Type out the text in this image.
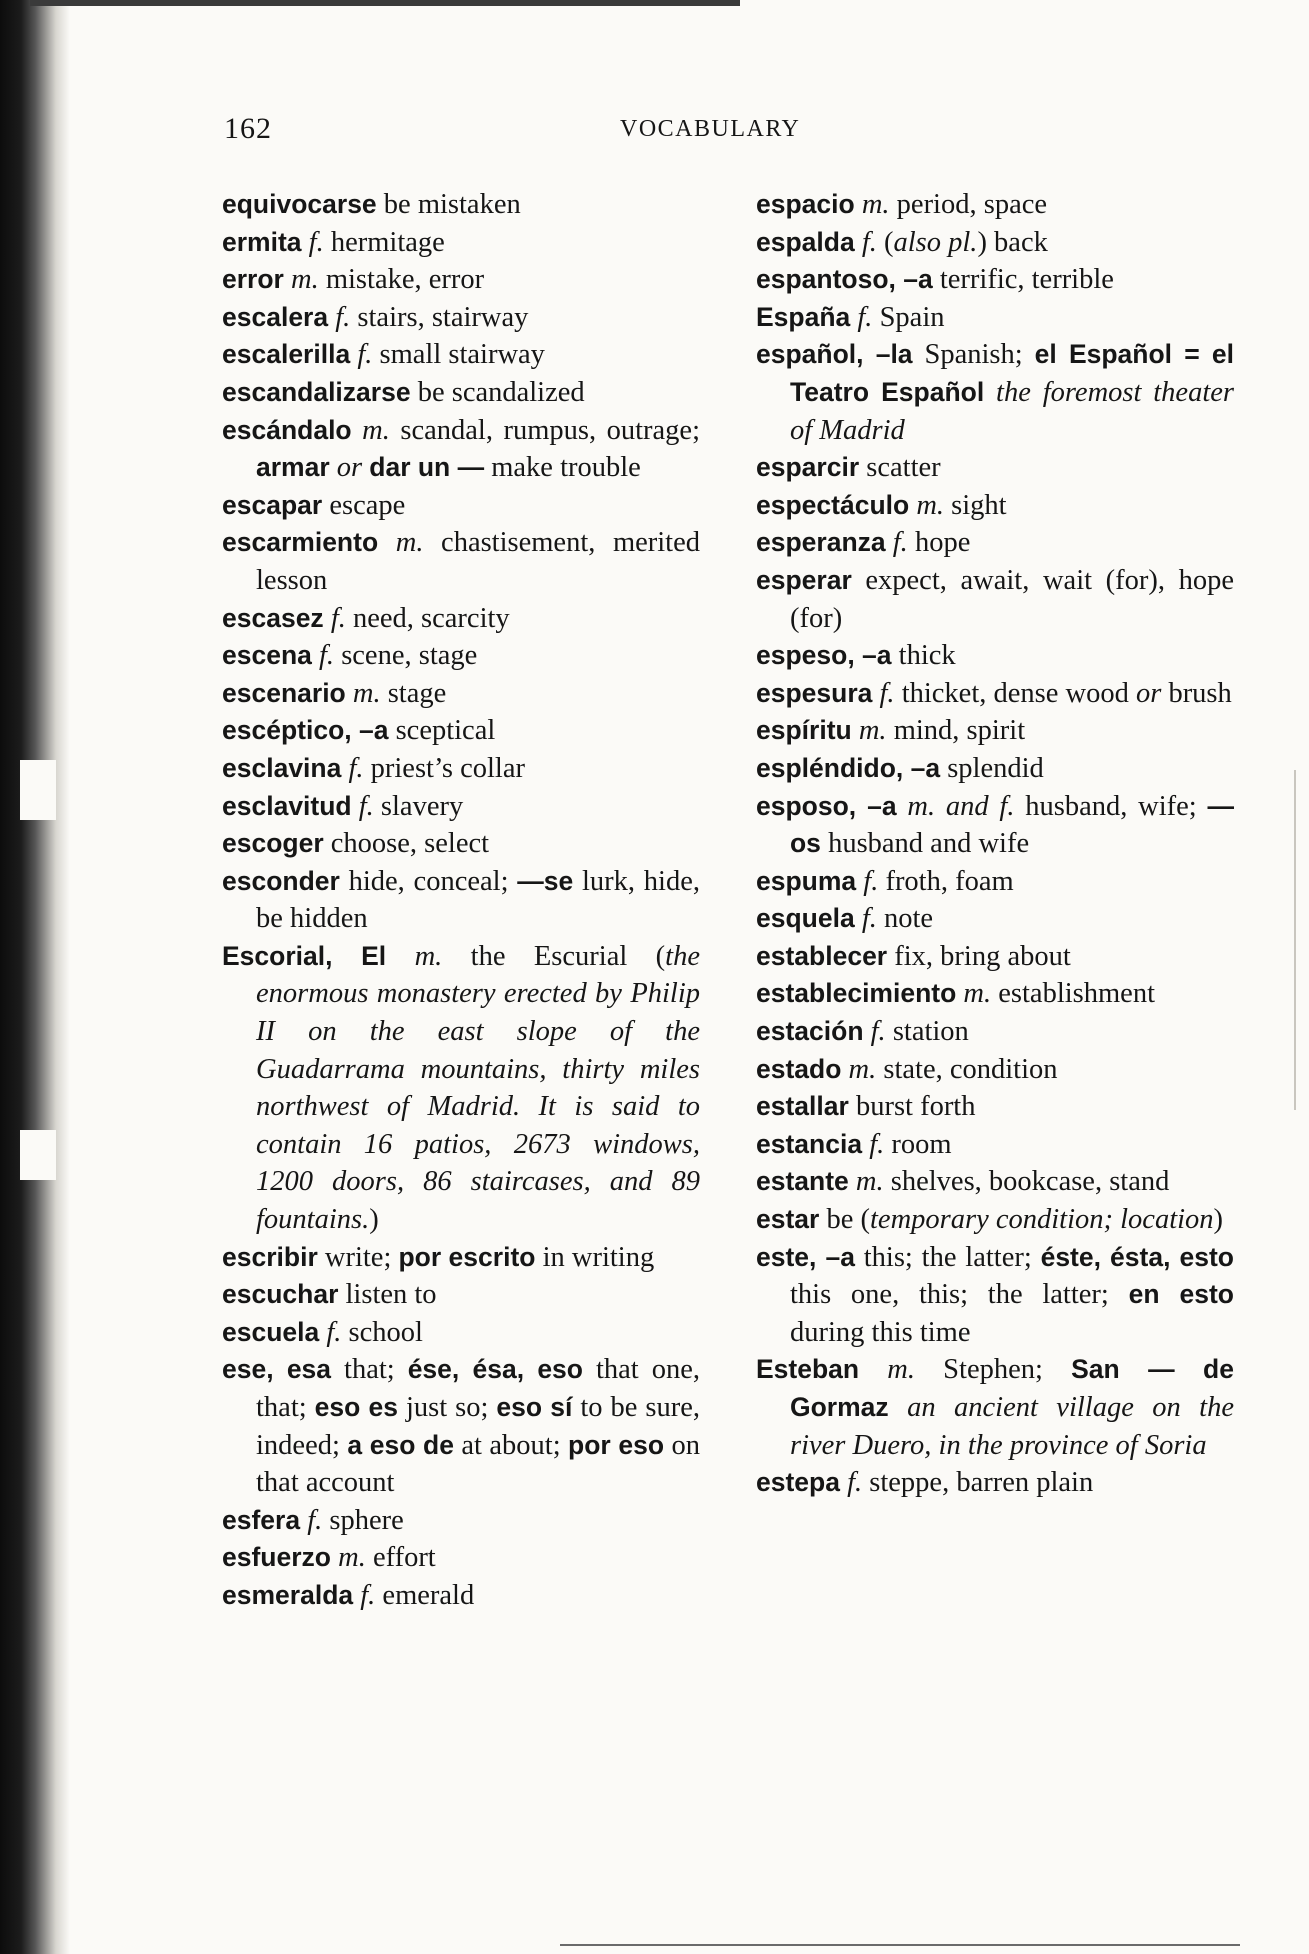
162	VOCABULARY
equivocarse be mistaken
ermita f. hermitage
error m. mistake, error
escalera f. stairs, stairway
escalerilla f. small stairway
escandalizarse be scandalized
escándalo m. scandal, rumpus, outrage; armar or dar un — make trouble
escapar escape
escarmiento m. chastisement, merited lesson
escasez f. need, scarcity
escena f. scene, stage
escenario m. stage
escéptico, –a sceptical
esclavina f. priest’s collar
esclavitud f. slavery
escoger choose, select
esconder hide, conceal; —se lurk, hide, be hidden
Escorial, El m. the Escurial (the enormous monastery erected by Philip II on the east slope of the Guadarrama mountains, thirty miles northwest of Madrid. It is said to contain 16 patios, 2673 windows, 1200 doors, 86 staircases, and 89 fountains.)
escribir write; por escrito in writing
escuchar listen to
escuela f. school
ese, esa that; ése, ésa, eso that one, that; eso es just so; eso sí to be sure, indeed; a eso de at about; por eso on that account
esfera f. sphere
esfuerzo m. effort
esmeralda f. emerald
espacio m. period, space
espalda f. (also pl.) back
espantoso, –a terrific, terrible
España f. Spain
español, –la Spanish; el Español = el Teatro Español the foremost theater of Madrid
esparcir scatter
espectáculo m. sight
esperanza f. hope
esperar expect, await, wait (for), hope (for)
espeso, –a thick
espesura f. thicket, dense wood or brush
espíritu m. mind, spirit
espléndido, –a splendid
esposo, –a m. and f. husband, wife; —os husband and wife
espuma f. froth, foam
esquela f. note
establecer fix, bring about
establecimiento m. establishment
estación f. station
estado m. state, condition
estallar burst forth
estancia f. room
estante m. shelves, bookcase, stand
estar be (temporary condition; location)
este, –a this; the latter; éste, ésta, esto this one, this; the latter; en esto during this time
Esteban m. Stephen; San — de Gormaz an ancient village on the river Duero, in the province of Soria
estepa f. steppe, barren plain
